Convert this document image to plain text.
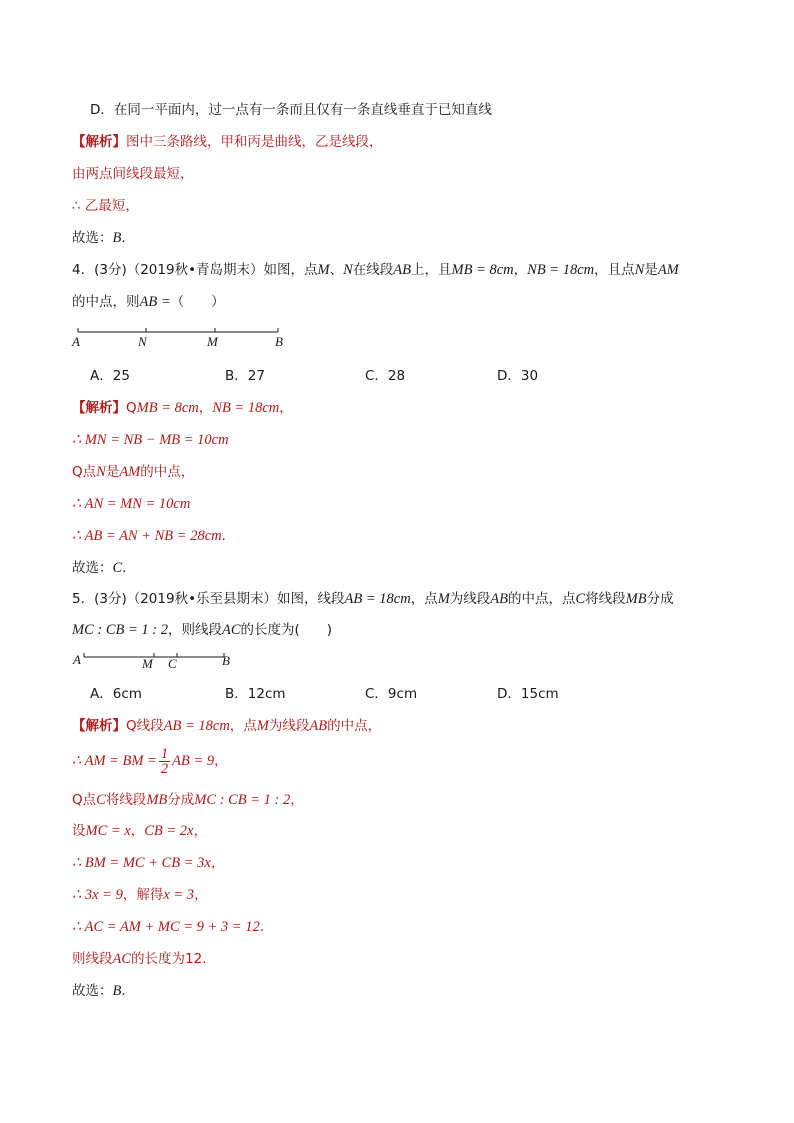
D．在同一平面内，过一点有一条而且仅有一条直线垂直于已知直线
【解析】图中三条路线，甲和丙是曲线，乙是线段，
由两点间线段最短，
∴ 乙最短，
故选：B．
4．(3分)（2019秋•青岛期末）如图，点M、N在线段AB上，且MB = 8cm，NB = 18cm，且点N是AM
的中点，则AB =（　　）
A	N	M	B
A．25	B．27	C．28	D．30
【解析】QMB = 8cm，NB = 18cm，
∴ MN = NB − MB = 10cm
Q点N是AM的中点，
∴ AN = MN = 10cm
∴ AB = AN + NB = 28cm．
故选：C．
5．(3分)（2019秋•乐至县期末）如图，线段AB = 18cm，点M为线段AB的中点，点C将线段MB分成
MC : CB = 1 : 2，则线段AC的长度为(　　)
A	M C	B
A．6cm	B．12cm	C．9cm	D．15cm
【解析】Q线段AB = 18cm，点M为线段AB的中点，
∴ AM = BM = $\frac{1}{2}$ AB = 9，
Q点C将线段MB分成MC : CB = 1 : 2，
设MC = x，CB = 2x，
∴ BM = MC + CB = 3x，
∴ 3x = 9，解得x = 3，
∴ AC = AM + MC = 9 + 3 = 12．
则线段AC的长度为12．
故选：B．
